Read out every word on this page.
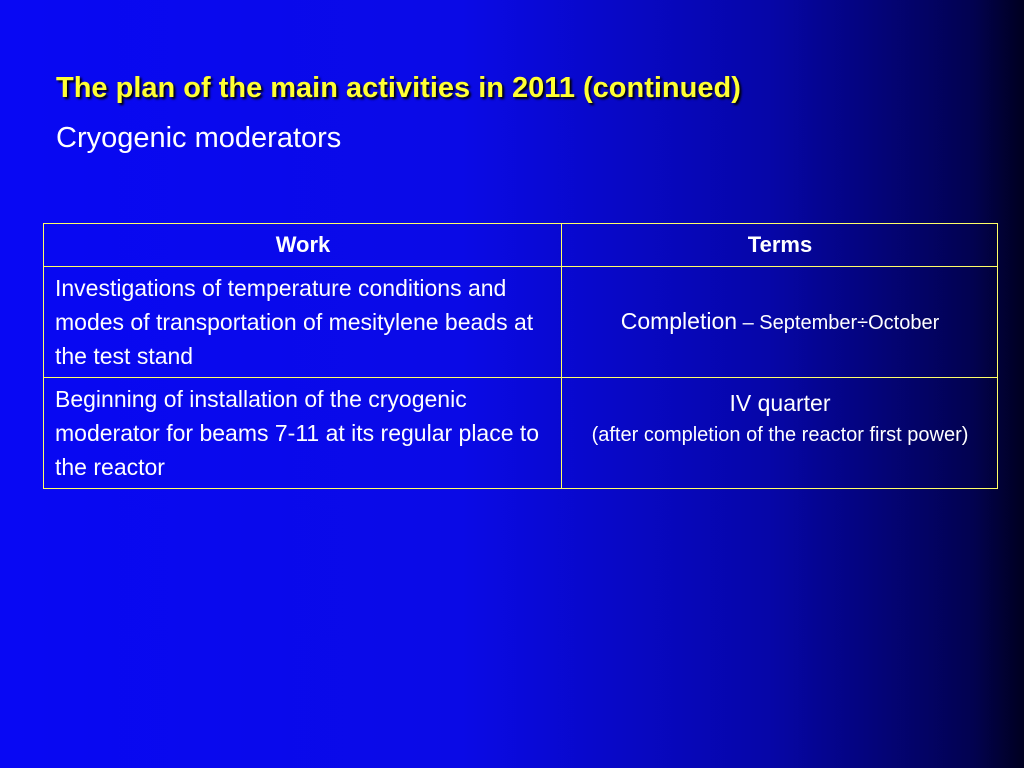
The plan of the main activities in 2011 (continued)
Cryogenic moderators
Work	Terms
Investigations of temperature conditions and modes of transportation of mesitylene beads at the test stand	Completion – September÷October
Beginning of installation of the cryogenic moderator for beams 7-11 at its regular place to the reactor	IV quarter
(after completion of the reactor first power)
